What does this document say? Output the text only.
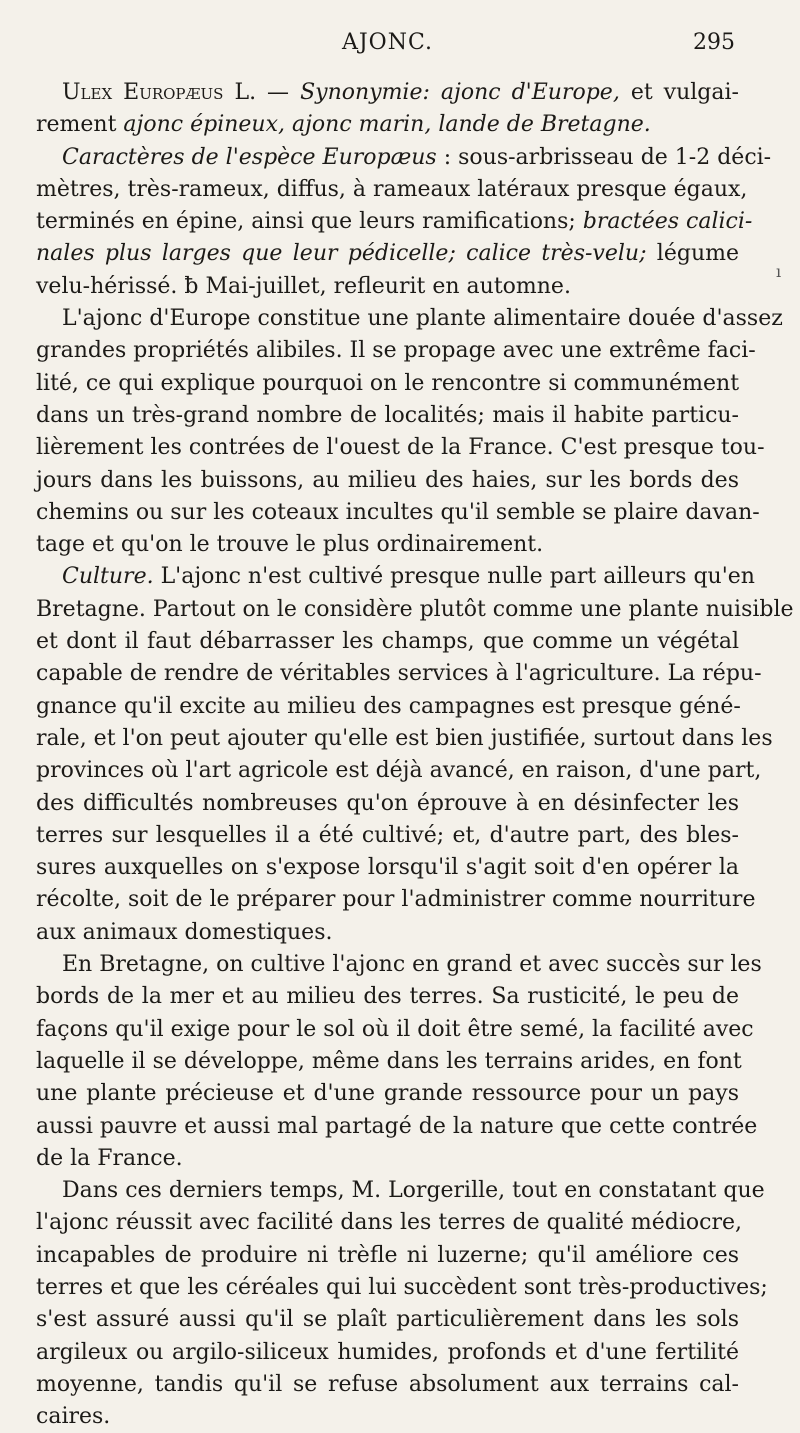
AJONC.	295
ı
Ulex Europæus L. — Synonymie: ajonc d'Europe, et vulgai-
rement ajonc épineux, ajonc marin, lande de Bretagne.
Caractères de l'espèce Europæus : sous-arbrisseau de 1-2 déci-
mètres, très-rameux, diffus, à rameaux latéraux presque égaux,
terminés en épine, ainsi que leurs ramifications; bractées calici-
nales plus larges que leur pédicelle; calice très-velu; légume
velu-hérissé. ƀ Mai-juillet, refleurit en automne.
L'ajonc d'Europe constitue une plante alimentaire douée d'assez
grandes propriétés alibiles. Il se propage avec une extrême faci-
lité, ce qui explique pourquoi on le rencontre si communément
dans un très-grand nombre de localités; mais il habite particu-
lièrement les contrées de l'ouest de la France. C'est presque tou-
jours dans les buissons, au milieu des haies, sur les bords des
chemins ou sur les coteaux incultes qu'il semble se plaire davan-
tage et qu'on le trouve le plus ordinairement.
Culture. L'ajonc n'est cultivé presque nulle part ailleurs qu'en
Bretagne. Partout on le considère plutôt comme une plante nuisible
et dont il faut débarrasser les champs, que comme un végétal
capable de rendre de véritables services à l'agriculture. La répu-
gnance qu'il excite au milieu des campagnes est presque géné-
rale, et l'on peut ajouter qu'elle est bien justifiée, surtout dans les
provinces où l'art agricole est déjà avancé, en raison, d'une part,
des difficultés nombreuses qu'on éprouve à en désinfecter les
terres sur lesquelles il a été cultivé; et, d'autre part, des bles-
sures auxquelles on s'expose lorsqu'il s'agit soit d'en opérer la
récolte, soit de le préparer pour l'administrer comme nourriture
aux animaux domestiques.
En Bretagne, on cultive l'ajonc en grand et avec succès sur les
bords de la mer et au milieu des terres. Sa rusticité, le peu de
façons qu'il exige pour le sol où il doit être semé, la facilité avec
laquelle il se développe, même dans les terrains arides, en font
une plante précieuse et d'une grande ressource pour un pays
aussi pauvre et aussi mal partagé de la nature que cette contrée
de la France.
Dans ces derniers temps, M. Lorgerille, tout en constatant que
l'ajonc réussit avec facilité dans les terres de qualité médiocre,
incapables de produire ni trèfle ni luzerne; qu'il améliore ces
terres et que les céréales qui lui succèdent sont très-productives;
s'est assuré aussi qu'il se plaît particulièrement dans les sols
argileux ou argilo-siliceux humides, profonds et d'une fertilité
moyenne, tandis qu'il se refuse absolument aux terrains cal-
caires.
